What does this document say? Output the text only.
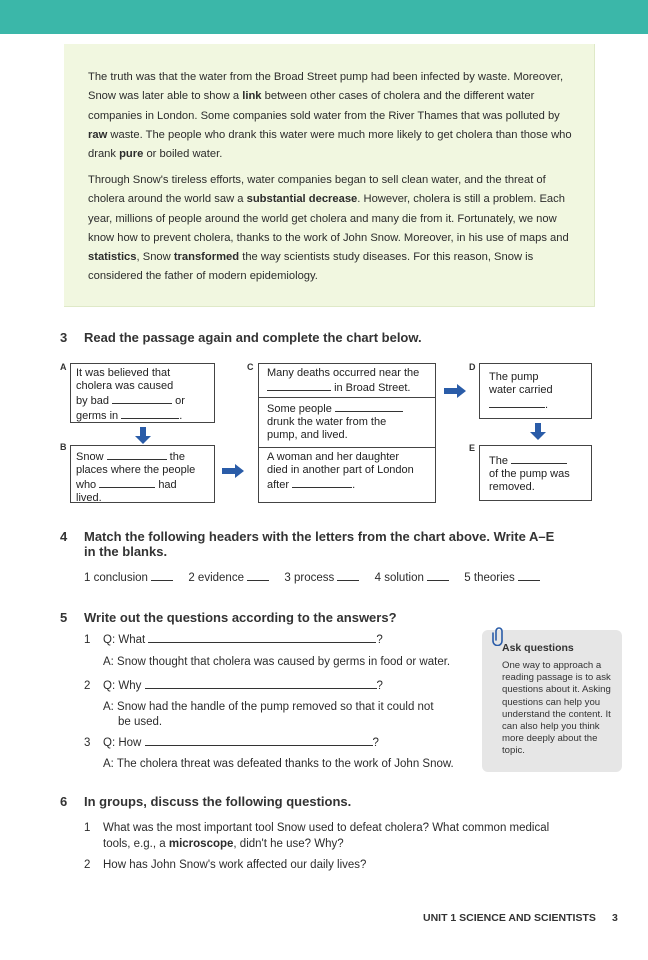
The truth was that the water from the Broad Street pump had been infected by waste. Moreover, Snow was later able to show a link between other cases of cholera and the different water companies in London. Some companies sold water from the River Thames that was polluted by raw waste. The people who drank this water were much more likely to get cholera than those who drank pure or boiled water.

Through Snow's tireless efforts, water companies began to sell clean water, and the threat of cholera around the world saw a substantial decrease. However, cholera is still a problem. Each year, millions of people around the world get cholera and many die from it. Fortunately, we now know how to prevent cholera, thanks to the work of John Snow. Moreover, in his use of maps and statistics, Snow transformed the way scientists study diseases. For this reason, Snow is considered the father of modern epidemiology.

3 Read the passage again and complete the chart below.
A It was believed that
cholera was caused
by bad	or
germs in	.
B
Snow	the
places where the people
who	had
lived.
C Many deaths occurred near the
in Broad Street.
Some people
drunk the water from the
pump, and lived.
A woman and her daughter
died in another part of London
after	.
D
The pump
water carried
.
E
The
of the pump was
removed.
4 Match the following headers with the letters from the chart above. Write A–E
in the blanks.
1 conclusion	2 evidence	3 process	4 solution	5 theories
5 Write out the questions according to the answers?
1 Q: What	?
A: Snow thought that cholera was caused by germs in food or water.
2 Q: Why	?
A: Snow had the handle of the pump removed so that it could not
be used.
3 Q: How	?
A: The cholera threat was defeated thanks to the work of John Snow.
Ask questions
One way to approach a reading passage is to ask questions about it. Asking questions can help you understand the content. It can also help you think more deeply about the topic.
6 In groups, discuss the following questions.
1 What was the most important tool Snow used to defeat cholera? What common medical
tools, e.g., a microscope, didn't he use? Why?
2 How has John Snow's work affected our daily lives?
UNIT 1 SCIENCE AND SCIENTISTS 3
